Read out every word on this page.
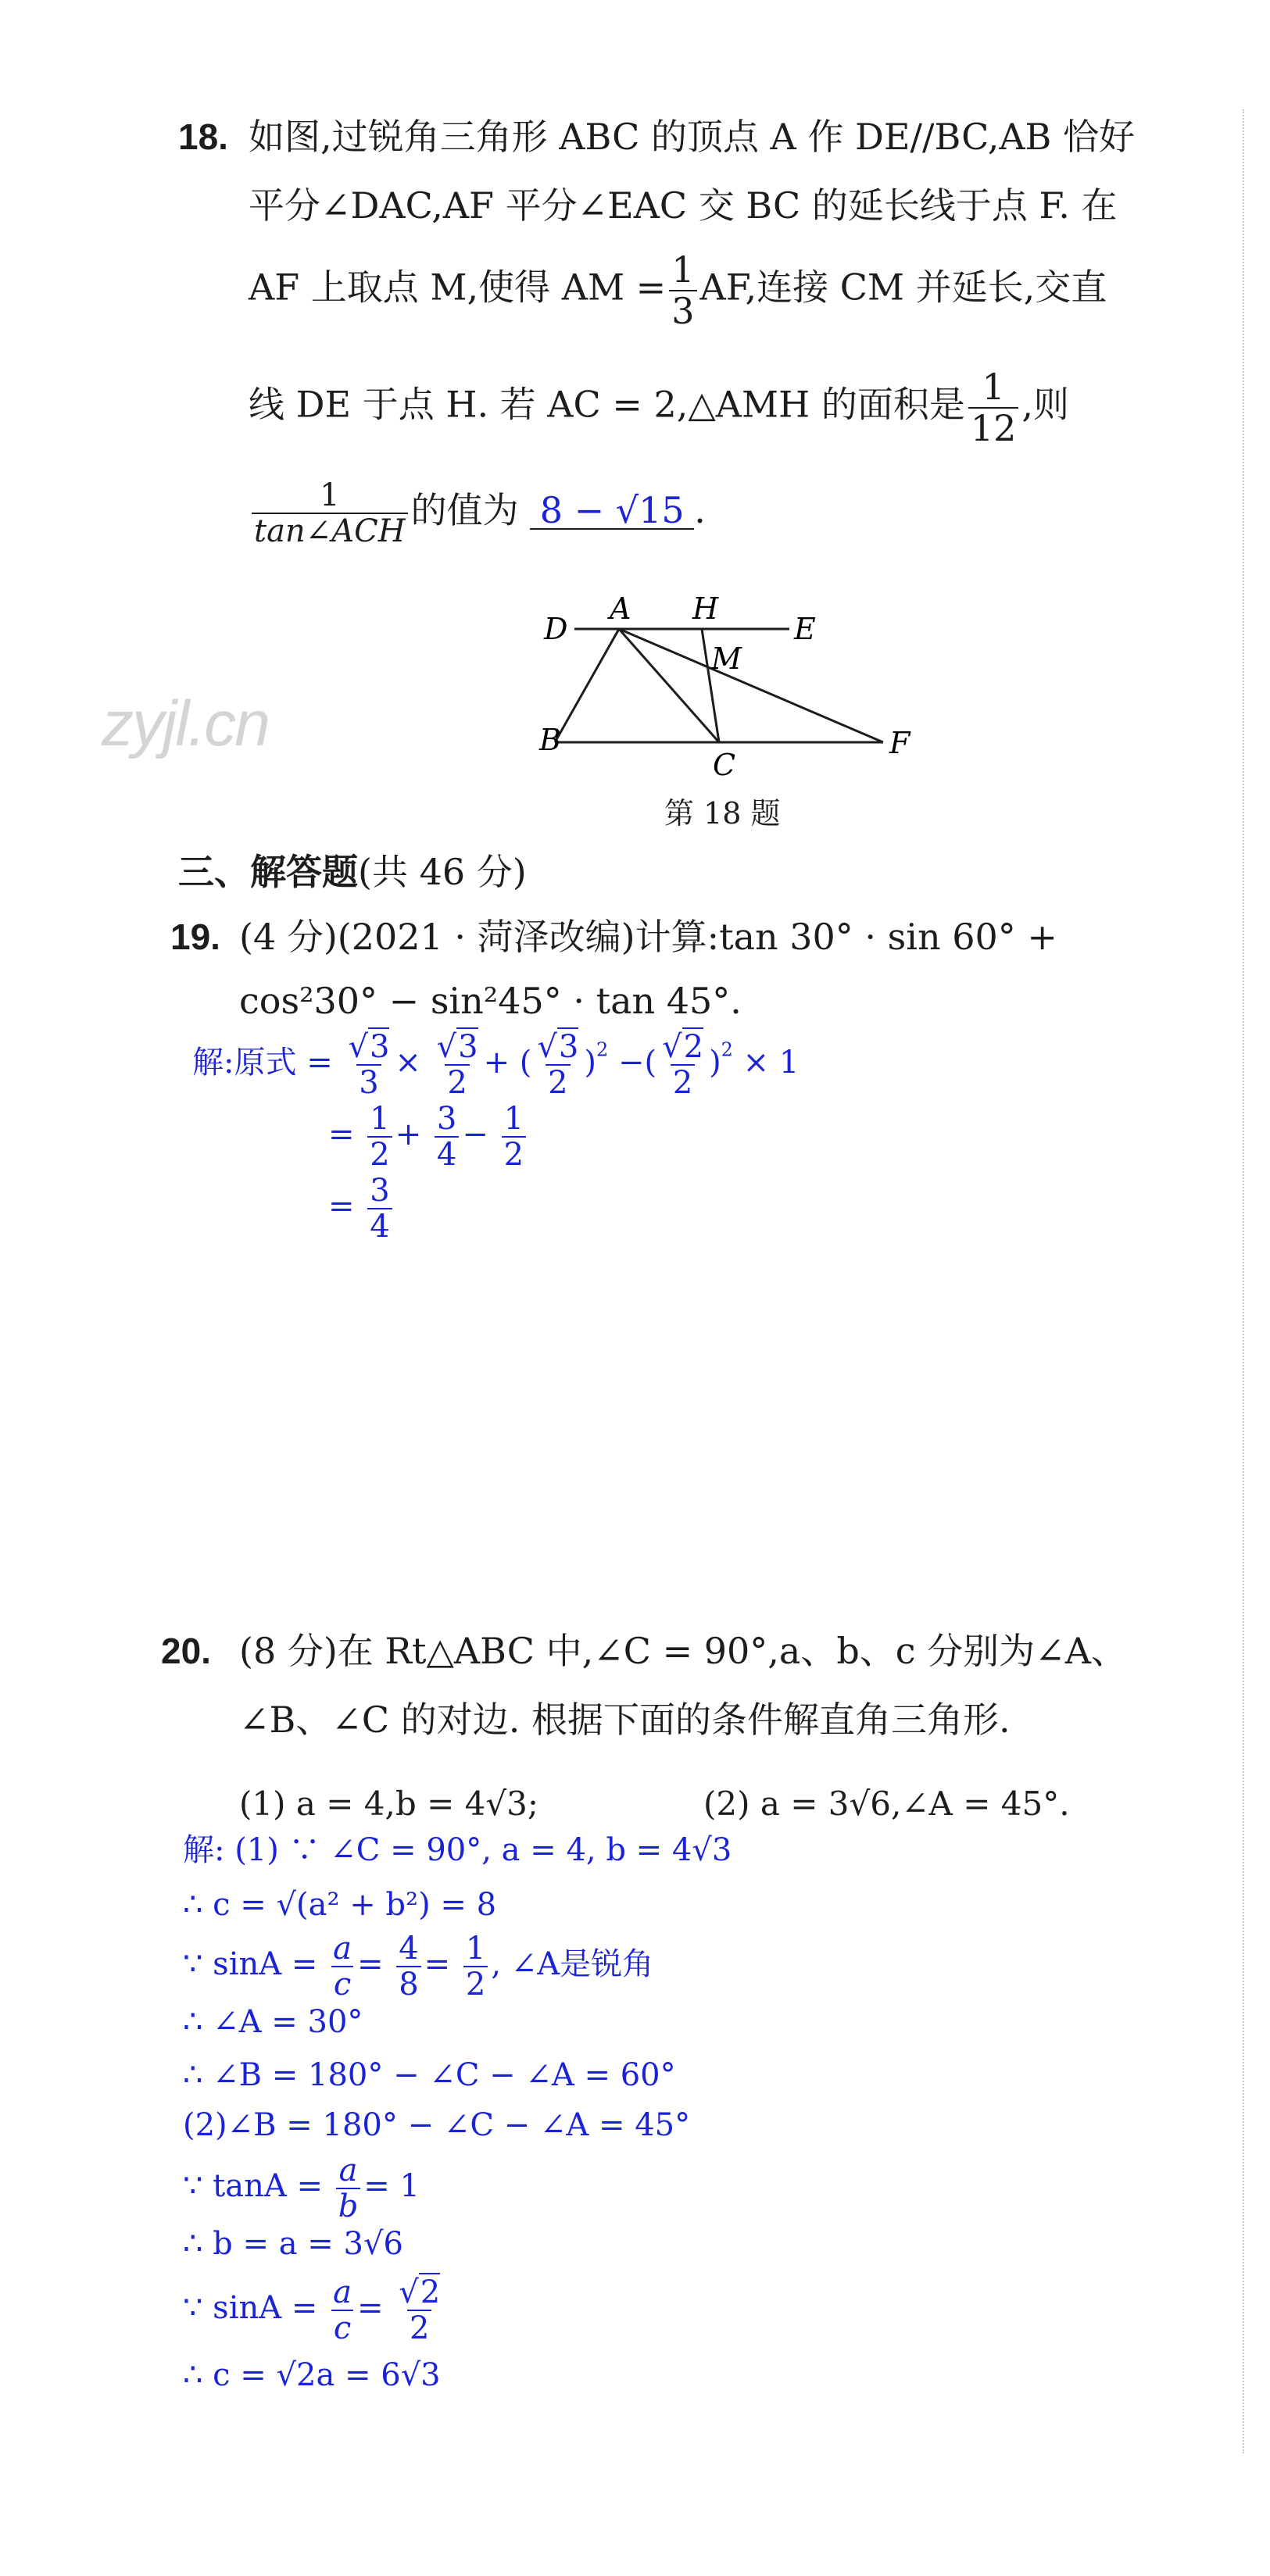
18. 如图,过锐角三角形 ABC 的顶点 A 作 DE//BC,AB 恰好
平分∠DAC,AF 平分∠EAC 交 BC 的延长线于点 F. 在
AF 上取点 M,使得 AM = $\frac{1}{3}$ AF,连接 CM 并延长,交直
线 DE 于点 H. 若 AC = 2,△AMH 的面积是 $\frac{1}{12}$ ,则
$\frac{1}{\text{tan∠ACH}}$ 的值为 8 − √15 .
D
A H
E
M
B
C
F
第 18 题
zyjl.cn
三、解答题(共 46 分)
19. (4 分)(2021 · 菏泽改编)计算:tan 30° · sin 60° +
cos²30° − sin²45° · tan 45°.
解:原式 = $\frac{√3}{3} \times \frac{√3}{2}$ + ( $\frac{√3}{2} )^2$ −( $\frac{√2}{2} )^2 \times 1$
= $\frac{1}{2} + \frac{3}{4} - \frac{1}{2}$
= $\frac{3}{4}$
20. (8 分)在 Rt△ABC 中,∠C = 90°,a、b、c 分别为∠A、
∠B、∠C 的对边. 根据下面的条件解直角三角形.
(1) a = 4,b = 4√3;	(2) a = 3√6,∠A = 45°.
解: (1) ∵ ∠C = 90°, a = 4, b = 4√3
∴ c = √(a² + b²) = 8
∵ $\sin A = \frac{a}{c} = \frac{4}{8} = \frac{1}{2}$ , ∠A是锐角
∴ ∠A = 30°
∴ ∠B = 180° − ∠C − ∠A = 60°
(2)∠B = 180° − ∠C − ∠A = 45°
∵ $\tan A = \frac{a}{b} = 1$
∴ b = a = 3√6
∵ $\sin A = \frac{a}{c} = \frac{√2}{2}$
∴ c = √2a = 6√3
